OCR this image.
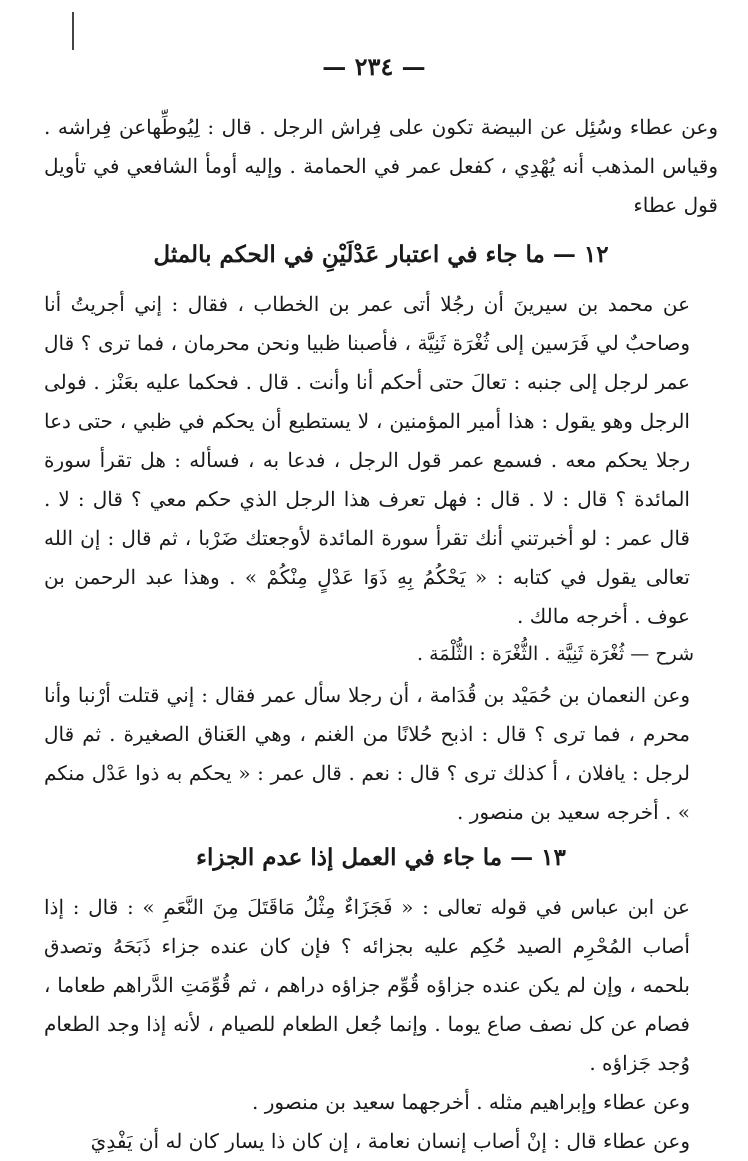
— ٢٣٤ —

وعن عطاء وسُئِل عن البيضة تكون على فِراش الرجل . قال : لِيُوطِّهاعن فِراشه . وقياس المذهب أنه يُهْدِي ، كفعل عمر في الحمامة . وإليه أومأ الشافعي في تأويل قول عطاء

١٢ — ما جاء في اعتبار عَدْلَيْنِ في الحكم بالمثل

عن محمد بن سيرينَ أن رجُلا أتى عمر بن الخطاب ، فقال : إني أجريتُ أنا وصاحبٌ لي فَرَسين إلى ثُغْرَة ثَنِيَّة ، فأصبنا ظبيا ونحن محرمان ، فما ترى ؟ قال عمر لرجل إلى جنبه : تعالَ حتى أحكم أنا وأنت . قال . فحكما عليه بعَنْز . فولى الرجل وهو يقول : هذا أمير المؤمنين ، لا يستطيع أن يحكم في ظبي ، حتى دعا رجلا يحكم معه . فسمع عمر قول الرجل ، فدعا به ، فسأله : هل تقرأ سورة المائدة ؟ قال : لا . قال : فهل تعرف هذا الرجل الذي حكم معي ؟ قال : لا . قال عمر : لو أخبرتني أنك تقرأ سورة المائدة لأوجعتك ضَرْبا ، ثم قال : إن الله تعالى يقول في كتابه : « يَحْكُمُ بِهِ ذَوَا عَدْلٍ مِنْكُمْ » . وهذا عبد الرحمن بن عوف . أخرجه مالك .

شرح — ثُغْرَة ثَنِيَّة . الثُّغْرَة : الثُّلْمَة .

وعن النعمان بن حُمَيْد بن قُدَامة ، أن رجلا سأل عمر فقال : إني قتلت أرْنبا وأنا محرم ، فما ترى ؟ قال : اذبح حُلانًا من الغنم ، وهي العَناق الصغيرة . ثم قال لرجل : يافلان ، أ كذلك ترى ؟ قال : نعم . قال عمر : « يحكم به ذوا عَدْل منكم » . أخرجه سعيد بن منصور .

١٣ — ما جاء في العمل إذا عدم الجزاء

عن ابن عباس في قوله تعالى : « فَجَزَاءٌ مِثْلُ مَاقَتَلَ مِنَ النَّعَمِ » : قال : إذا أصاب المُحْرِم الصيد حُكِم عليه بجزائه ؟ فإن كان عنده جزاء ذَبَحَهُ وتصدق بلحمه ، وإن لم يكن عنده جزاؤه قُوِّم جزاؤه دراهم ، ثم قُوِّمَتِ الدَّراهم طعاما ، فصام عن كل نصف صاع يوما . وإنما جُعل الطعام للصيام ، لأنه إذا وجد الطعام وُجد جَزاؤه .

وعن عطاء وإبراهيم مثله . أخرجهما سعيد بن منصور .

وعن عطاء قال : إنْ أصاب إنسان نعامة ، إن كان ذا يسار كان له أن يَفْدِيَ
